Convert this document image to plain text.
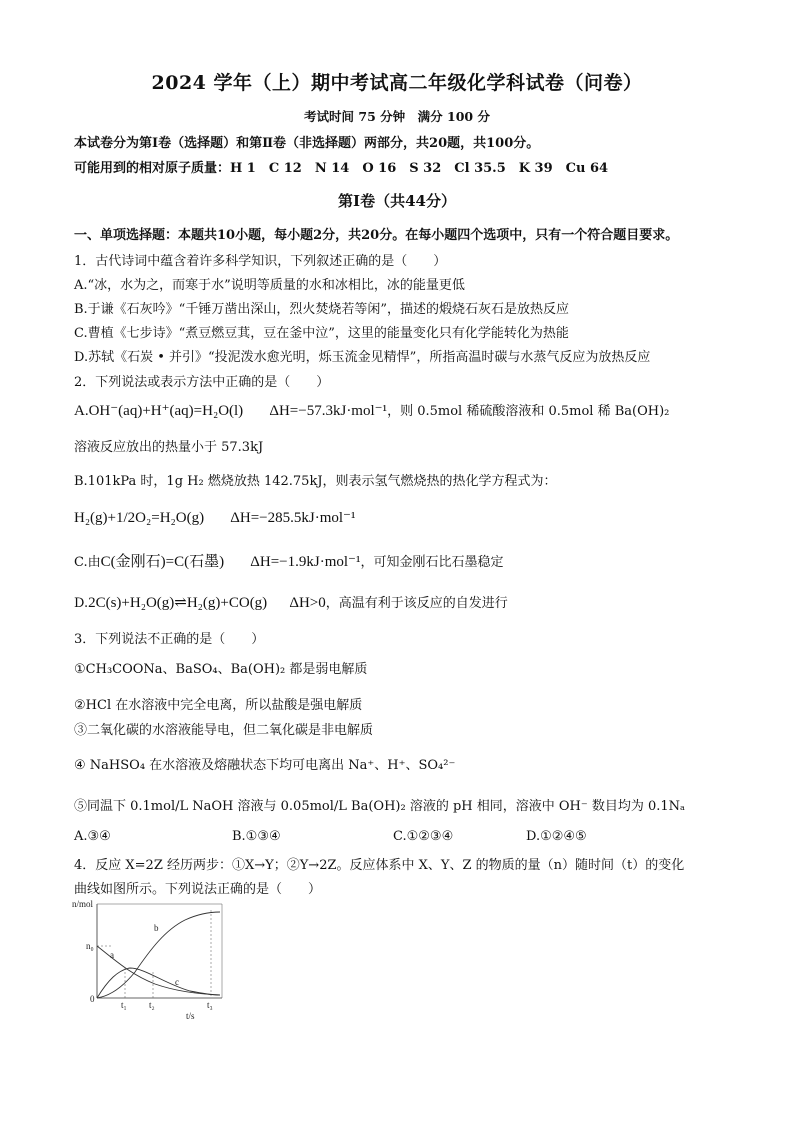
2024 学年（上）期中考试高二年级化学科试卷（问卷）
考试时间 75 分钟　满分 100 分
本试卷分为第Ⅰ卷（选择题）和第Ⅱ卷（非选择题）两部分，共20题，共100分。
可能用到的相对原子质量：H 1　C 12　N 14　O 16　S 32　Cl 35.5　K 39　Cu 64
第Ⅰ卷（共44分）
一、单项选择题：本题共10小题，每小题2分，共20分。在每小题四个选项中，只有一个符合题目要求。
1．古代诗词中蕴含着许多科学知识，下列叙述正确的是（　　）
A.“冰，水为之，而寒于水”说明等质量的水和冰相比，冰的能量更低
B.于谦《石灰吟》“千锤万凿出深山，烈火焚烧若等闲”，描述的煅烧石灰石是放热反应
C.曹植《七步诗》“煮豆燃豆萁，豆在釜中泣”，这里的能量变化只有化学能转化为热能
D.苏轼《石炭 • 并引》“投泥泼水愈光明，烁玉流金见精悍”，所指高温时碳与水蒸气反应为放热反应
2．下列说法或表示方法中正确的是（　　）
A.OH⁻(aq)+H⁺(aq)=H₂O(l) ΔH=−57.3kJ·mol⁻¹，则 0.5mol 稀硫酸溶液和 0.5mol 稀 Ba(OH)₂
溶液反应放出的热量小于 57.3kJ
B.101kPa 时，1g H₂ 燃烧放热 142.75kJ，则表示氢气燃烧热的热化学方程式为：
H₂(g)+1/2O₂=H₂O(g) ΔH=−285.5kJ·mol⁻¹
C.由C(金刚石)=C(石墨) ΔH=−1.9kJ·mol⁻¹，可知金刚石比石墨稳定
D.2C(s)+H₂O(g)⇌H₂(g)+CO(g) ΔH>0，高温有利于该反应的自发进行
3．下列说法不正确的是（　　）
①CH₃COONa、BaSO₄、Ba(OH)₂ 都是弱电解质
②HCl 在水溶液中完全电离，所以盐酸是强电解质
③二氧化碳的水溶液能导电，但二氧化碳是非电解质
④ NaHSO₄ 在水溶液及熔融状态下均可电离出 Na⁺、H⁺、SO₄²⁻
⑤同温下 0.1mol/L NaOH 溶液与 0.05mol/L Ba(OH)₂ 溶液的 pH 相同，溶液中 OH⁻ 数目均为 0.1Nₐ
A.③④	B.①③④	C.①②③④	D.①②④⑤
4．反应 X=2Z 经历两步：①X→Y；②Y→2Z。反应体系中 X、Y、Z 的物质的量（n）随时间（t）的变化
曲线如图所示。下列说法正确的是（　　）
n/mol
n₀
0
a
b
c
t₁ t₂	t₃
t/s
